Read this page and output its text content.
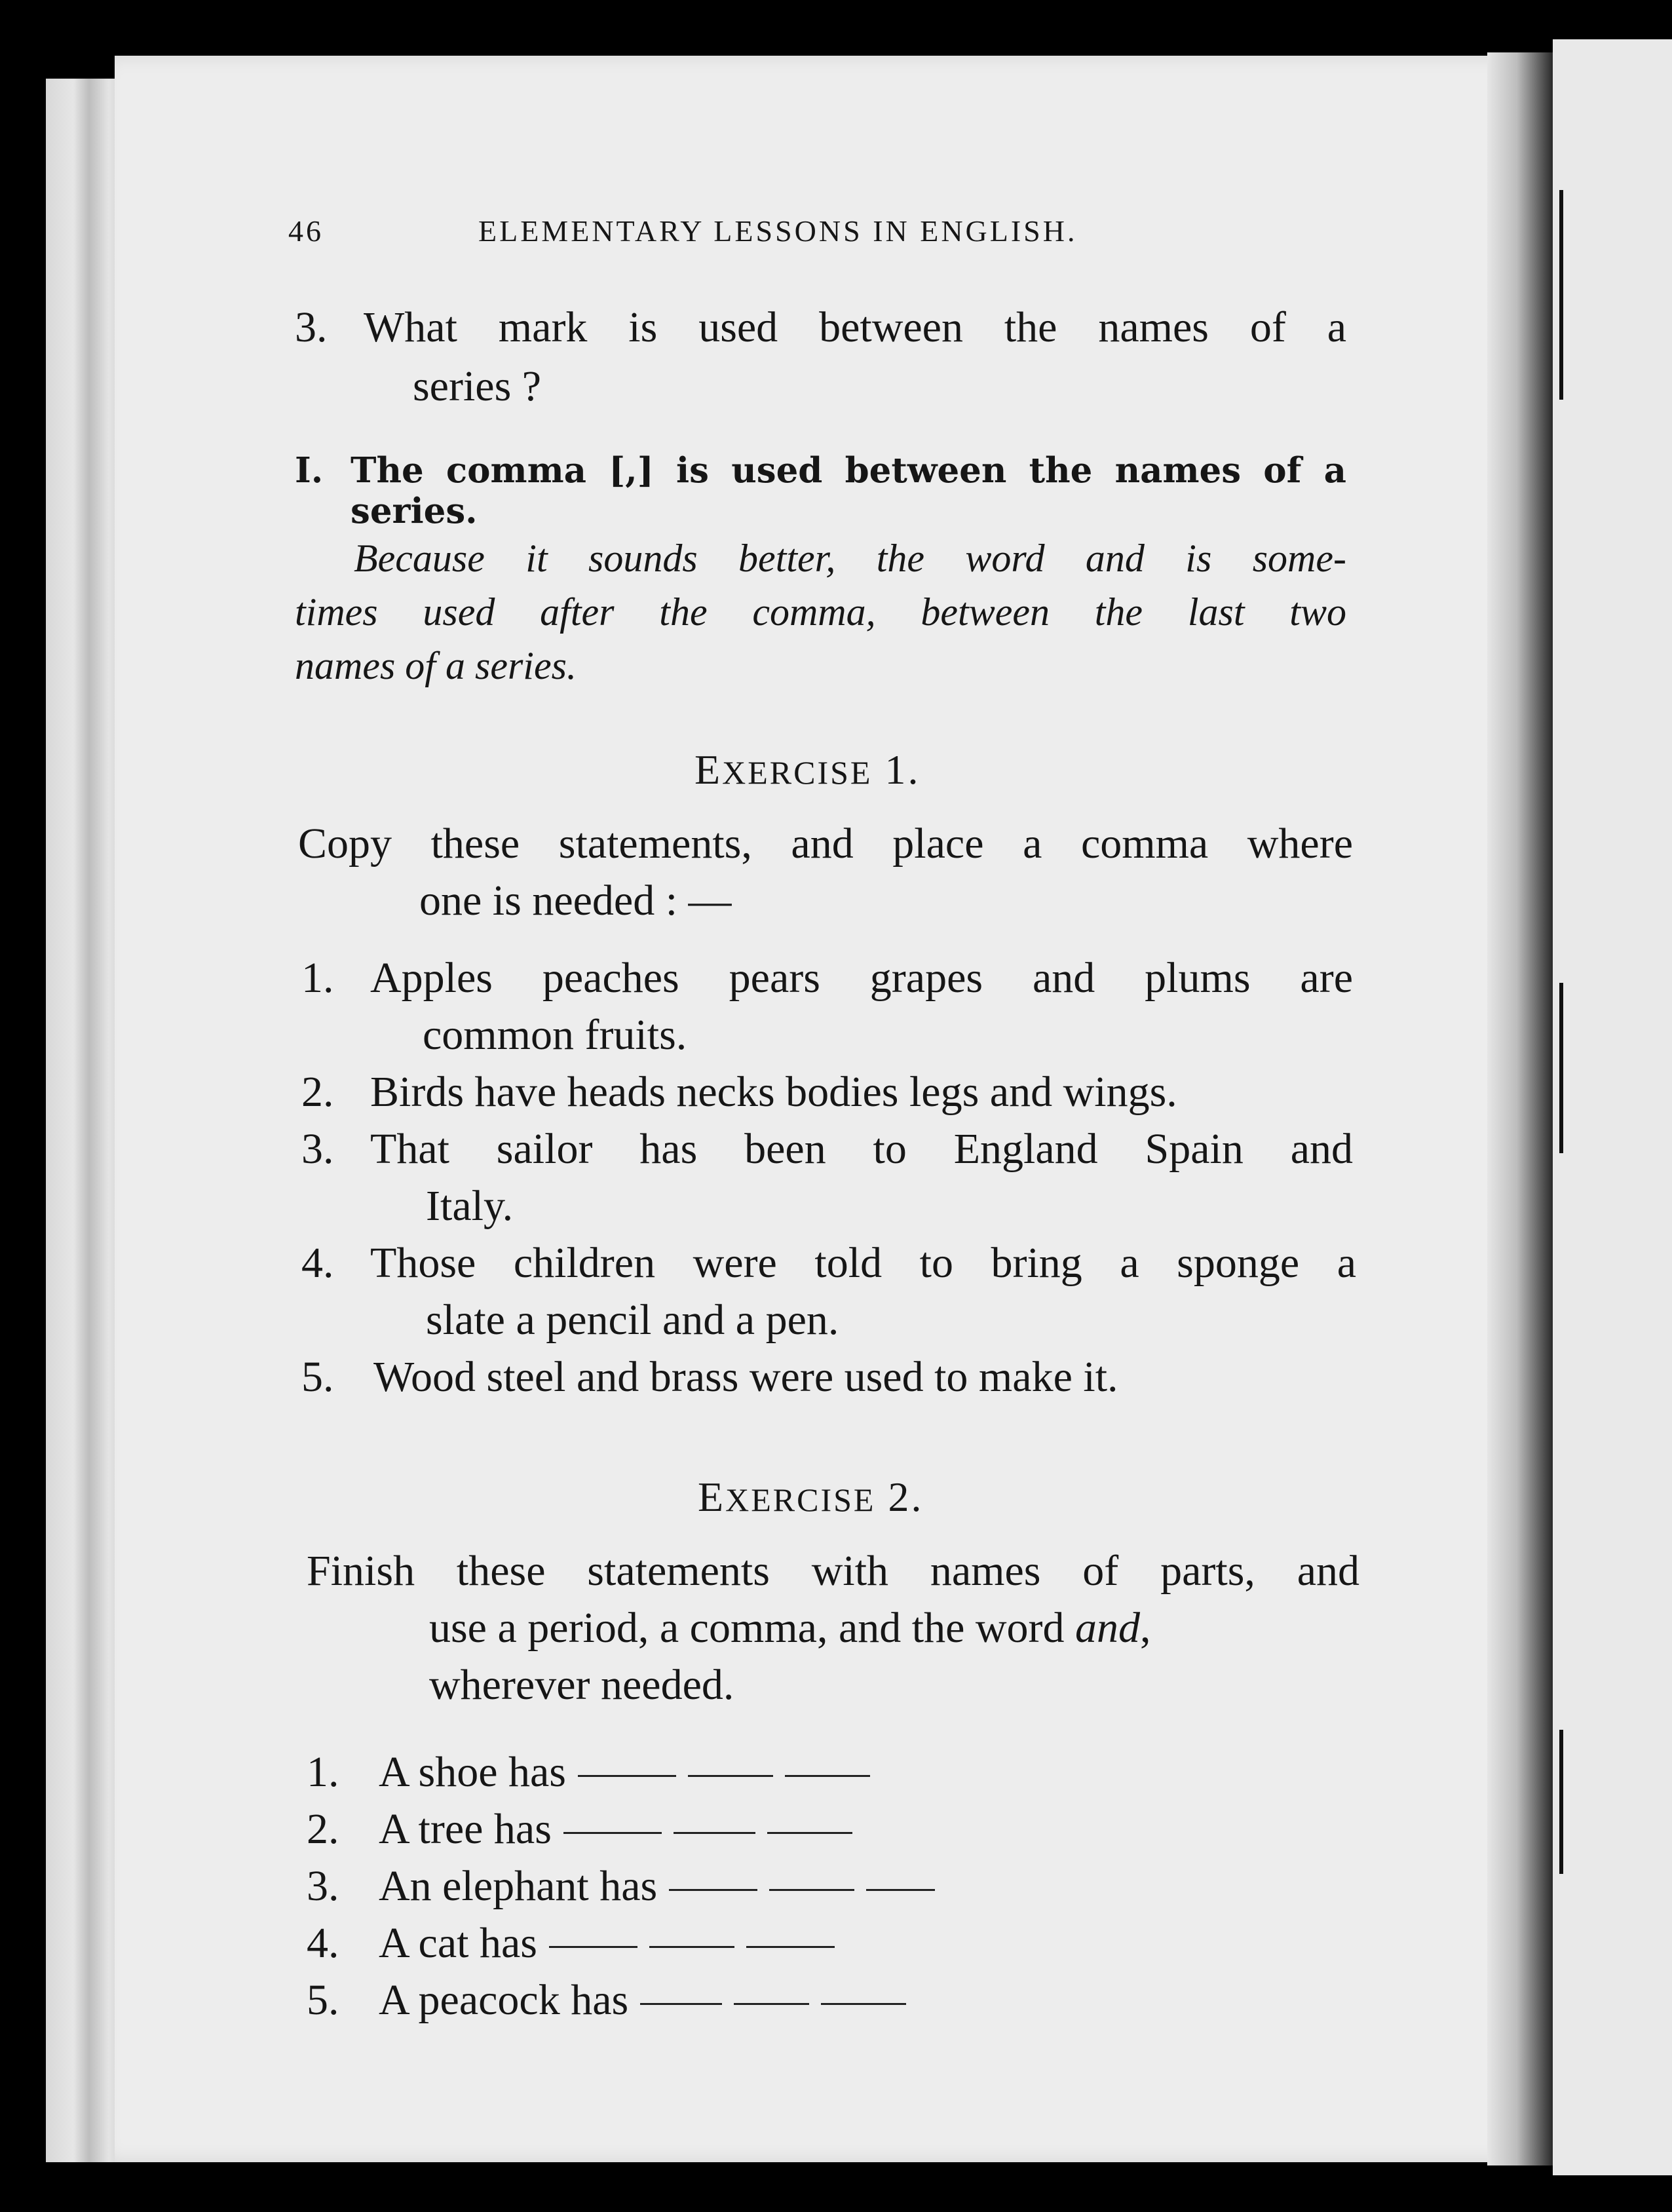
46	ELEMENTARY LESSONS IN ENGLISH.
3. What mark is used between the names of a
series ?
I. The comma [,] is used between the names of a series.
Because it sounds better, the word and is some-
times used after the comma, between the last two
names of a series.
EXERCISE 1.
Copy these statements, and place a comma where
one is needed : —
1. Apples peaches pears grapes and plums are
common fruits.
2. Birds have heads necks bodies legs and wings.
3. That sailor has been to England Spain and
Italy.
4. Those children were told to bring a sponge a
slate a pencil and a pen.
5. Wood steel and brass were used to make it.
EXERCISE 2.
Finish these statements with names of parts, and
use a period, a comma, and the word and,
wherever needed.
1. A shoe has
2. A tree has
3. An elephant has
4. A cat has
5. A peacock has
